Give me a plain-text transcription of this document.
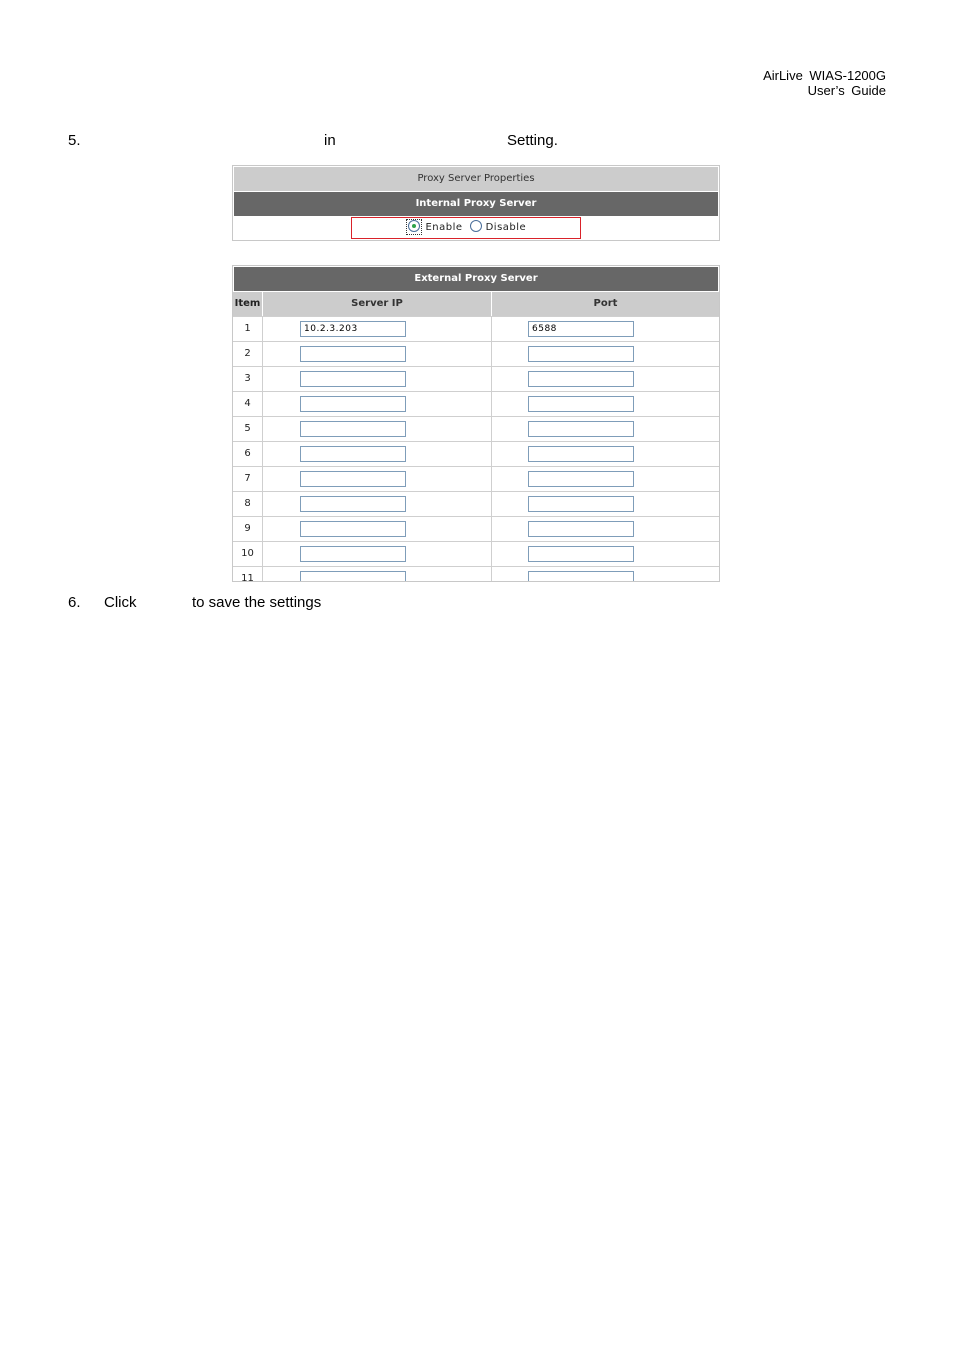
AirLive WIAS-1200G
User’s Guide
5.	in	Setting.
Proxy Server Properties
Internal Proxy Server
Enable Disable
External Proxy Server
Item	Server IP	Port
1	10.2.3.203	6588
2
3
4
5
6
7
8
9
10
11
6. Click	to save the settings
